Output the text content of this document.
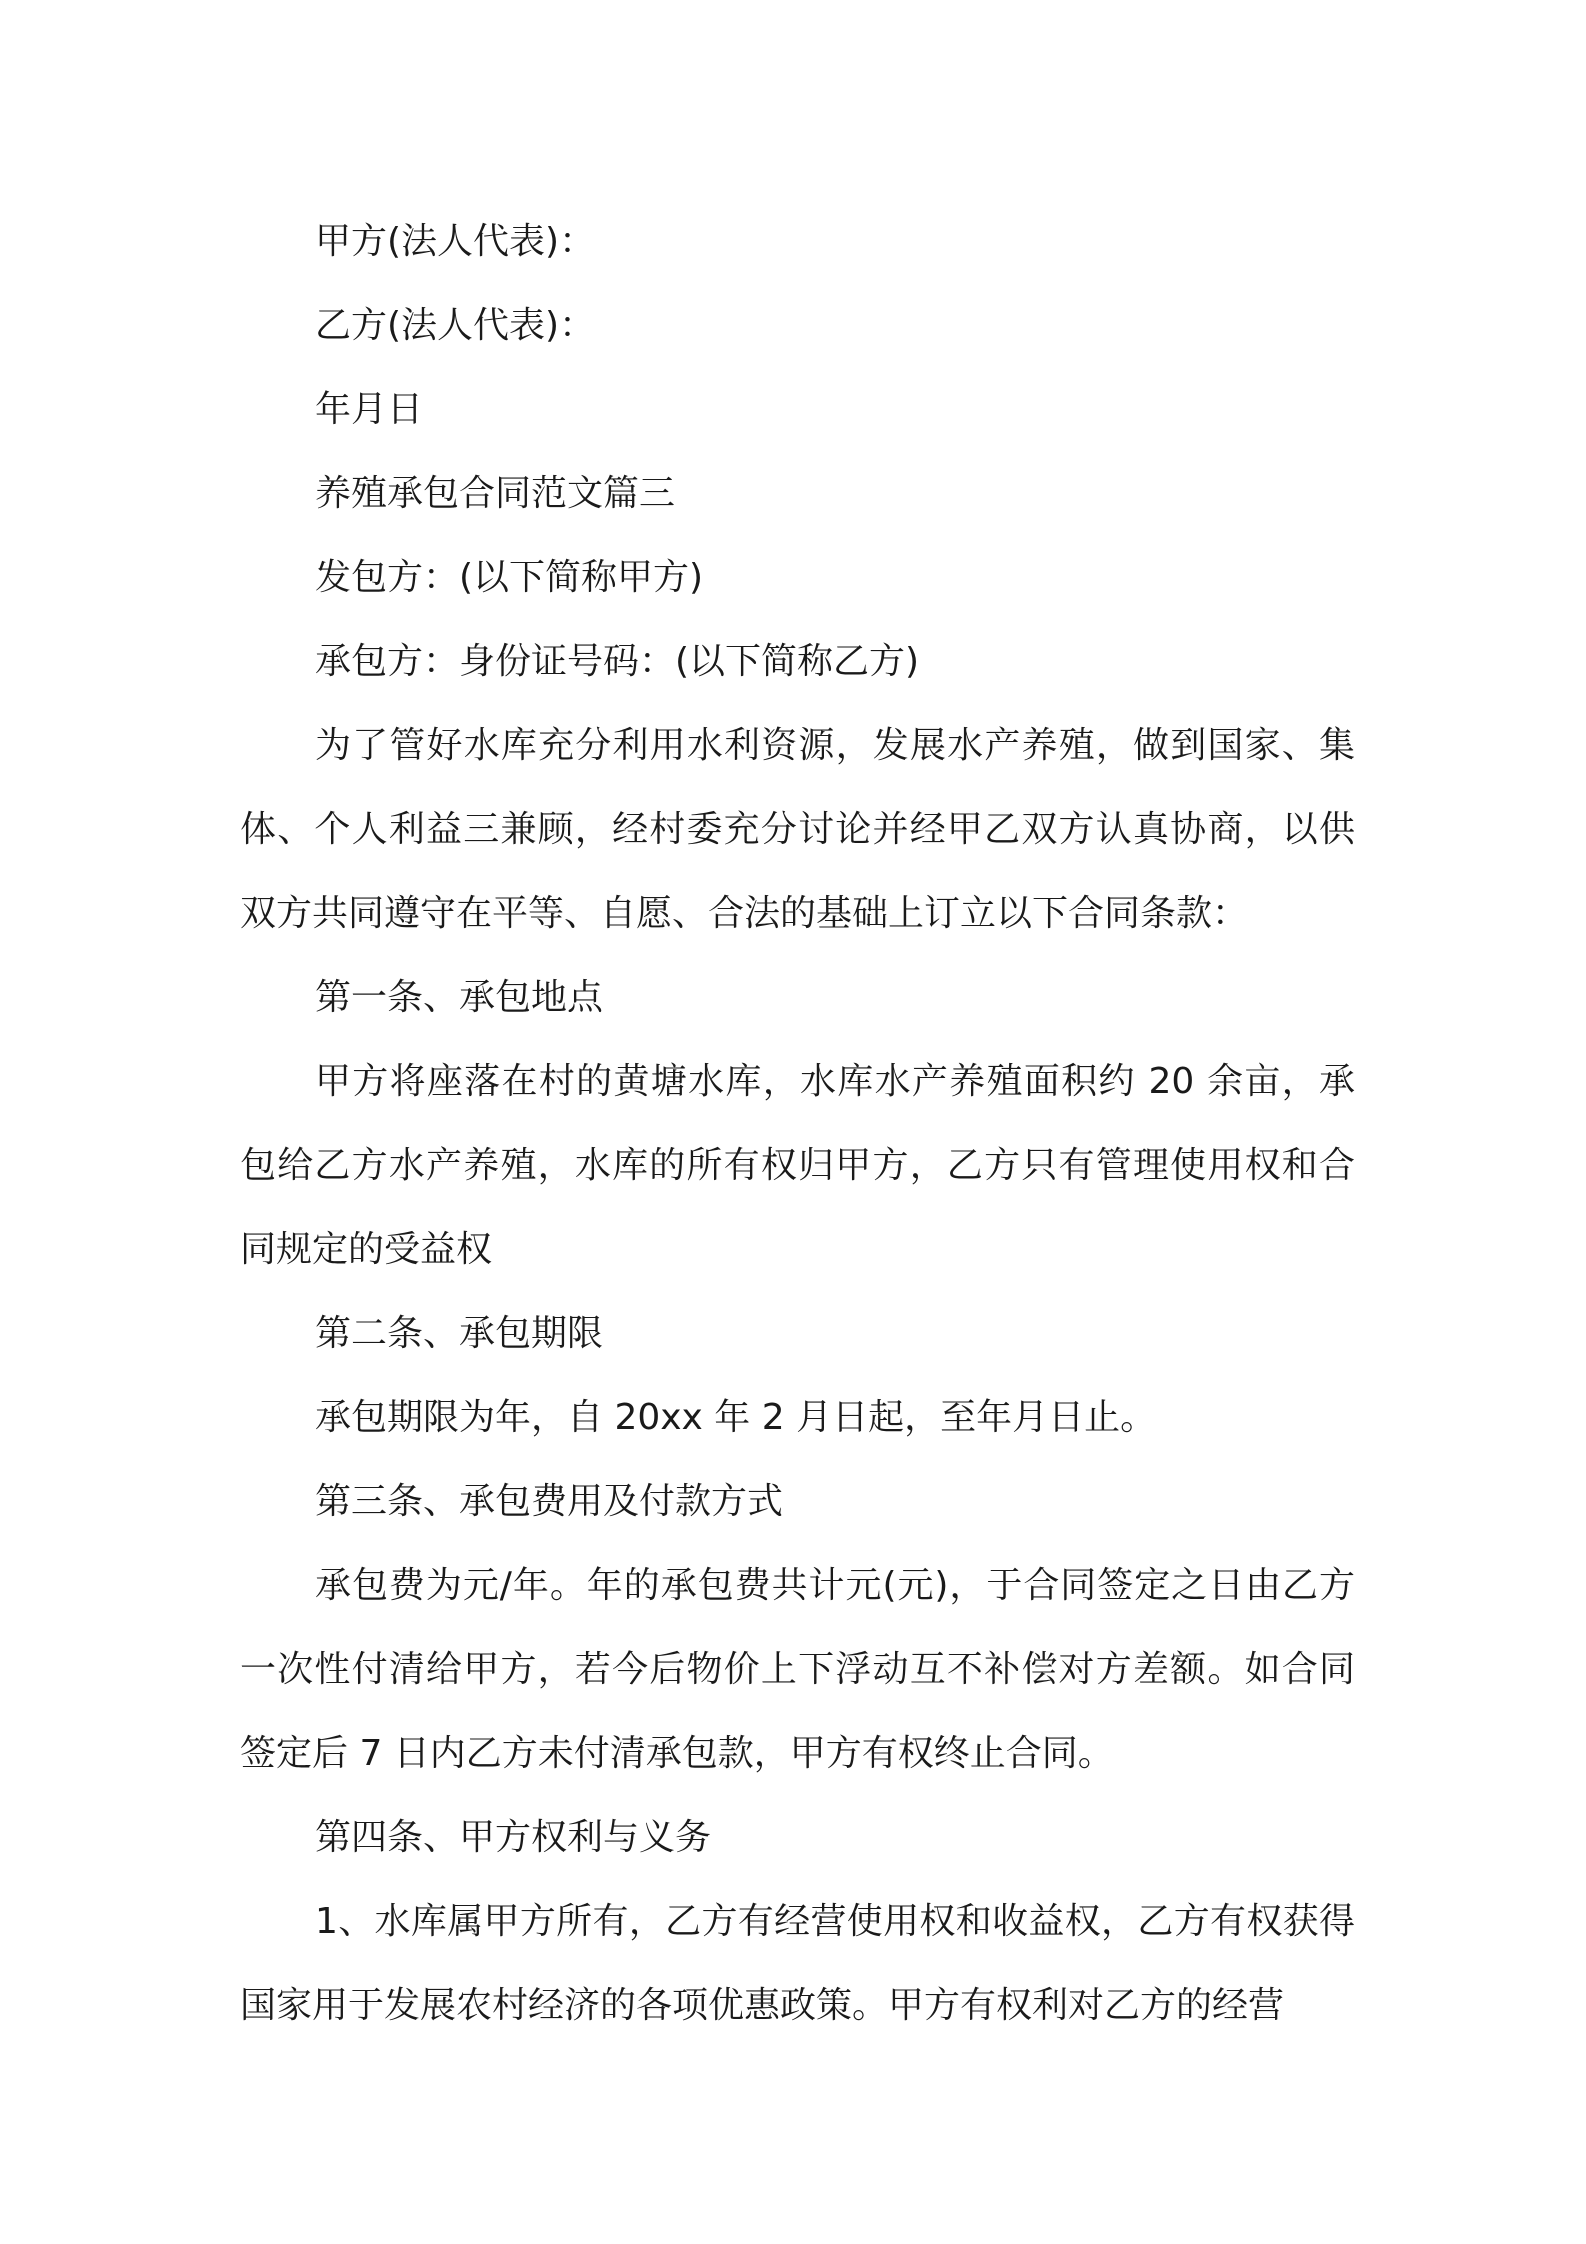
甲方(法人代表)：

乙方(法人代表)：

年月日

养殖承包合同范文篇三

发包方：(以下简称甲方)

承包方：身份证号码：(以下简称乙方)

为了管好水库充分利用水利资源，发展水产养殖，做到国家、集体、个人利益三兼顾，经村委充分讨论并经甲乙双方认真协商，以供双方共同遵守在平等、自愿、合法的基础上订立以下合同条款：

第一条、承包地点

甲方将座落在村的黄塘水库，水库水产养殖面积约 20 余亩，承包给乙方水产养殖，水库的所有权归甲方，乙方只有管理使用权和合同规定的受益权

第二条、承包期限

承包期限为年，自 20xx 年 2 月日起，至年月日止。

第三条、承包费用及付款方式

承包费为元/年。年的承包费共计元(元)，于合同签定之日由乙方一次性付清给甲方，若今后物价上下浮动互不补偿对方差额。如合同签定后 7 日内乙方未付清承包款，甲方有权终止合同。

第四条、甲方权利与义务

1、水库属甲方所有，乙方有经营使用权和收益权，乙方有权获得国家用于发展农村经济的各项优惠政策。甲方有权利对乙方的经营
